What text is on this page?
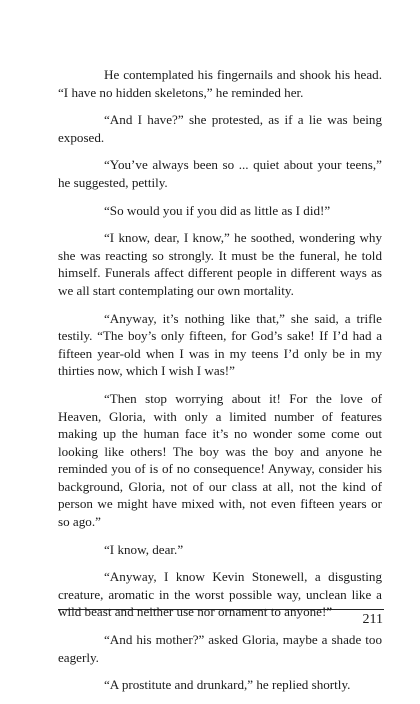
He contemplated his fingernails and shook his head. “I have no hidden skeletons,” he reminded her.

“And I have?” she protested, as if a lie was being exposed.

“You’ve always been so ... quiet about your teens,” he suggested, pettily.

“So would you if you did as little as I did!”

“I know, dear, I know,” he soothed, wondering why she was reacting so strongly. It must be the funeral, he told himself. Funerals affect different people in different ways as we all start contemplating our own mortality.

“Anyway, it’s nothing like that,” she said, a trifle testily. “The boy’s only fifteen, for God’s sake! If I’d had a fifteen year-old when I was in my teens I’d only be in my thirties now, which I wish I was!”

“Then stop worrying about it! For the love of Heaven, Gloria, with only a limited number of features making up the human face it’s no wonder some come out looking like others! The boy was the boy and anyone he reminded you of is of no consequence! Anyway, consider his background, Gloria, not of our class at all, not the kind of person we might have mixed with, not even fifteen years or so ago.”

“I know, dear.”

“Anyway, I know Kevin Stonewell, a disgusting creature, aromatic in the worst possible way, unclean like a wild beast and neither use nor ornament to anyone!”

“And his mother?” asked Gloria, maybe a shade too eagerly.

“A prostitute and drunkard,” he replied shortly.

211
